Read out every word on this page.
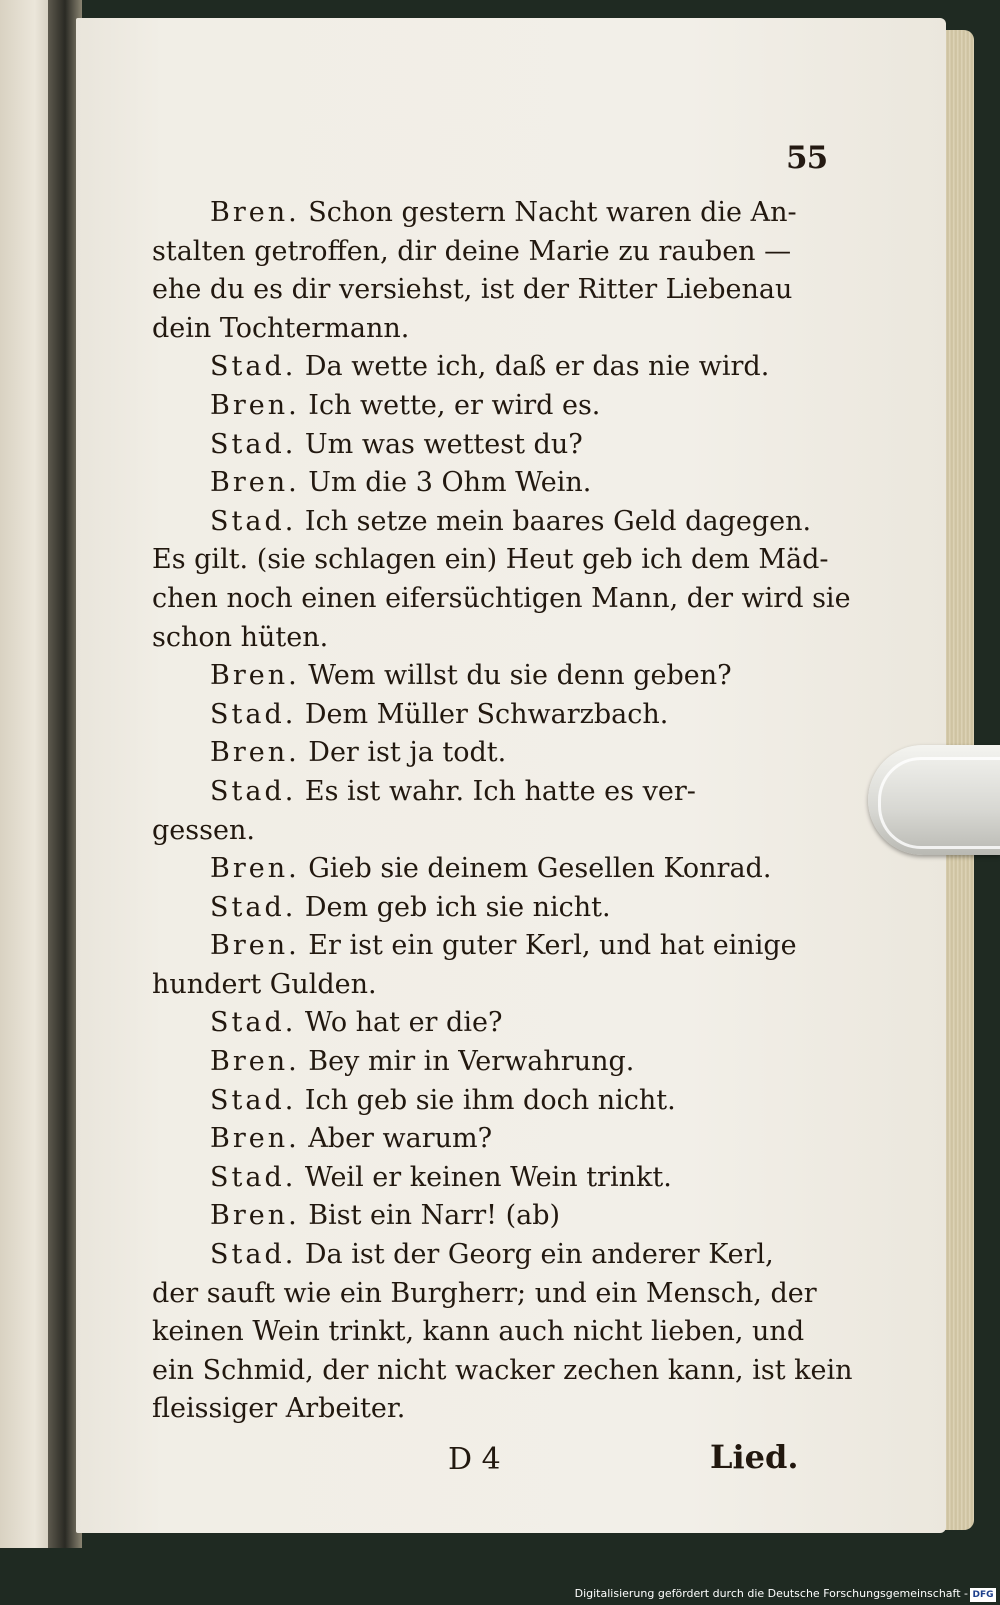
55
Bren. Schon gestern Nacht waren die An-
stalten getroffen, dir deine Marie zu rauben —
ehe du es dir versiehst, ist der Ritter Liebenau
dein Tochtermann.
Stad. Da wette ich, daß er das nie wird.
Bren. Ich wette, er wird es.
Stad. Um was wettest du?
Bren. Um die 3 Ohm Wein.
Stad. Ich setze mein baares Geld dagegen.
Es gilt. (sie schlagen ein) Heut geb ich dem Mäd-
chen noch einen eifersüchtigen Mann, der wird sie
schon hüten.
Bren. Wem willst du sie denn geben?
Stad. Dem Müller Schwarzbach.
Bren. Der ist ja todt.
Stad. Es ist wahr. Ich hatte es ver-
gessen.
Bren. Gieb sie deinem Gesellen Konrad.
Stad. Dem geb ich sie nicht.
Bren. Er ist ein guter Kerl, und hat einige
hundert Gulden.
Stad. Wo hat er die?
Bren. Bey mir in Verwahrung.
Stad. Ich geb sie ihm doch nicht.
Bren. Aber warum?
Stad. Weil er keinen Wein trinkt.
Bren. Bist ein Narr! (ab)
Stad. Da ist der Georg ein anderer Kerl,
der sauft wie ein Burgherr; und ein Mensch, der
keinen Wein trinkt, kann auch nicht lieben, und
ein Schmid, der nicht wacker zechen kann, ist kein
fleissiger Arbeiter.
D 4	Lied.
Digitalisierung gefördert durch die Deutsche Forschungsgemeinschaft - DFG
